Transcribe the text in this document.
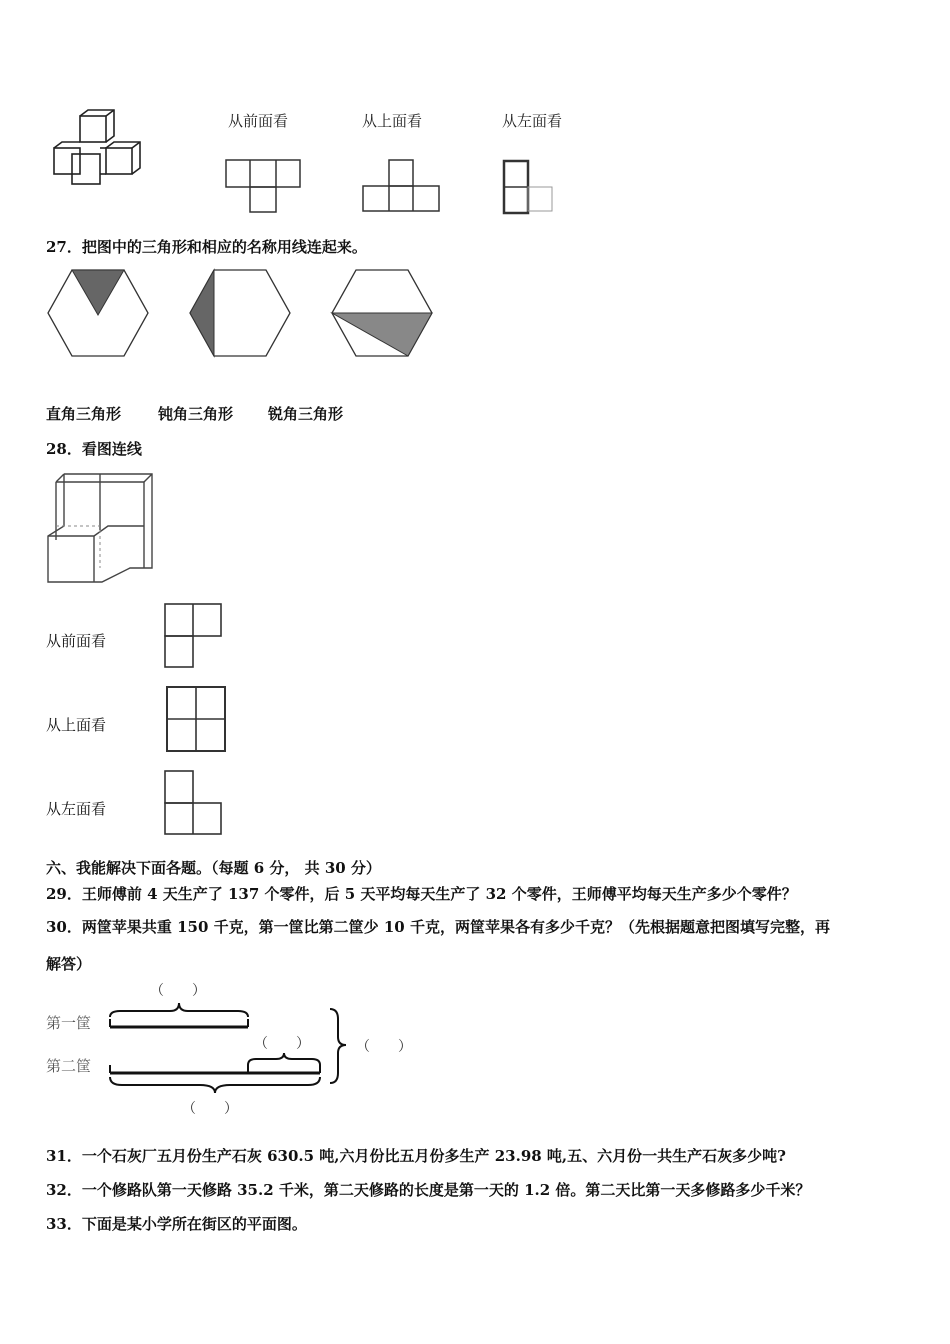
从前面看	从上面看	从左面看
27．把图中的三角形和相应的名称用线连起来。
直角三角形 钝角三角形 锐角三角形
28．看图连线
从前面看
从上面看
从左面看
六、我能解决下面各题。（每题 6 分， 共 30 分）
29．王师傅前 4 天生产了 137 个零件，后 5 天平均每天生产了 32 个零件，王师傅平均每天生产多少个零件？
30．两筐苹果共重 150 千克，第一筐比第二筐少 10 千克，两筐苹果各有多少千克？（先根据题意把图填写完整，再
解答）
第一筐
第二筐
（　　）
（　　）	（　　）
（　　）
31．一个石灰厂五月份生产石灰 630.5 吨,六月份比五月份多生产 23.98 吨,五、六月份一共生产石灰多少吨?
32．一个修路队第一天修路 35.2 千米，第二天修路的长度是第一天的 1.2 倍。第二天比第一天多修路多少千米？
33．下面是某小学所在街区的平面图。
